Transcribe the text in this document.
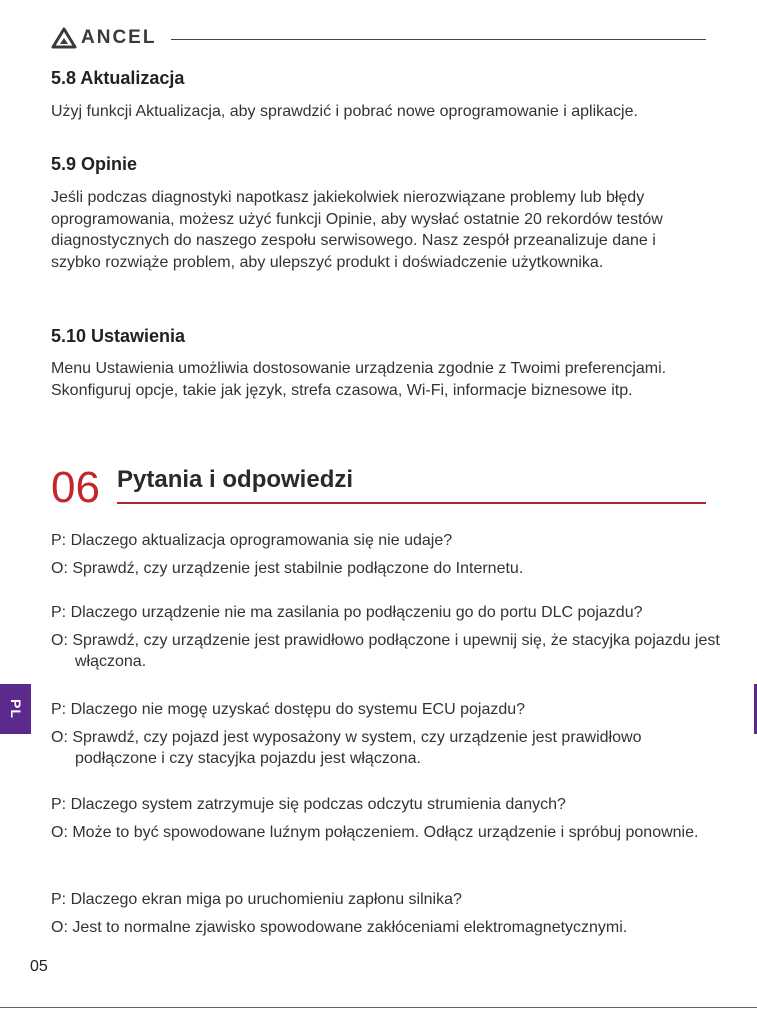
ANCEL
5.8 Aktualizacja

Użyj funkcji Aktualizacja, aby sprawdzić i pobrać nowe oprogramowanie i aplikacje.

5.9 Opinie

Jeśli podczas diagnostyki napotkasz jakiekolwiek nierozwiązane problemy lub błędy oprogramowania, możesz użyć funkcji Opinie, aby wysłać ostatnie 20 rekordów testów diagnostycznych do naszego zespołu serwisowego. Nasz zespół przeanalizuje dane i szybko rozwiąże problem, aby ulepszyć produkt i doświadczenie użytkownika.

5.10 Ustawienia

Menu Ustawienia umożliwia dostosowanie urządzenia zgodnie z Twoimi preferencjami. Skonfiguruj opcje, takie jak język, strefa czasowa, Wi-Fi, informacje biznesowe itp.

06 Pytania i odpowiedzi

P: Dlaczego aktualizacja oprogramowania się nie udaje?

O: Sprawdź, czy urządzenie jest stabilnie podłączone do Internetu.

P: Dlaczego urządzenie nie ma zasilania po podłączeniu go do portu DLC pojazdu?

O: Sprawdź, czy urządzenie jest prawidłowo podłączone i upewnij się, że stacyjka pojazdu jest włączona.

P: Dlaczego nie mogę uzyskać dostępu do systemu ECU pojazdu?

O: Sprawdź, czy pojazd jest wyposażony w system, czy urządzenie jest prawidłowo podłączone i czy stacyjka pojazdu jest włączona.

P: Dlaczego system zatrzymuje się podczas odczytu strumienia danych?

O: Może to być spowodowane luźnym połączeniem. Odłącz urządzenie i spróbuj ponownie.

P: Dlaczego ekran miga po uruchomieniu zapłonu silnika?

O: Jest to normalne zjawisko spowodowane zakłóceniami elektromagnetycznymi.

PL
05
